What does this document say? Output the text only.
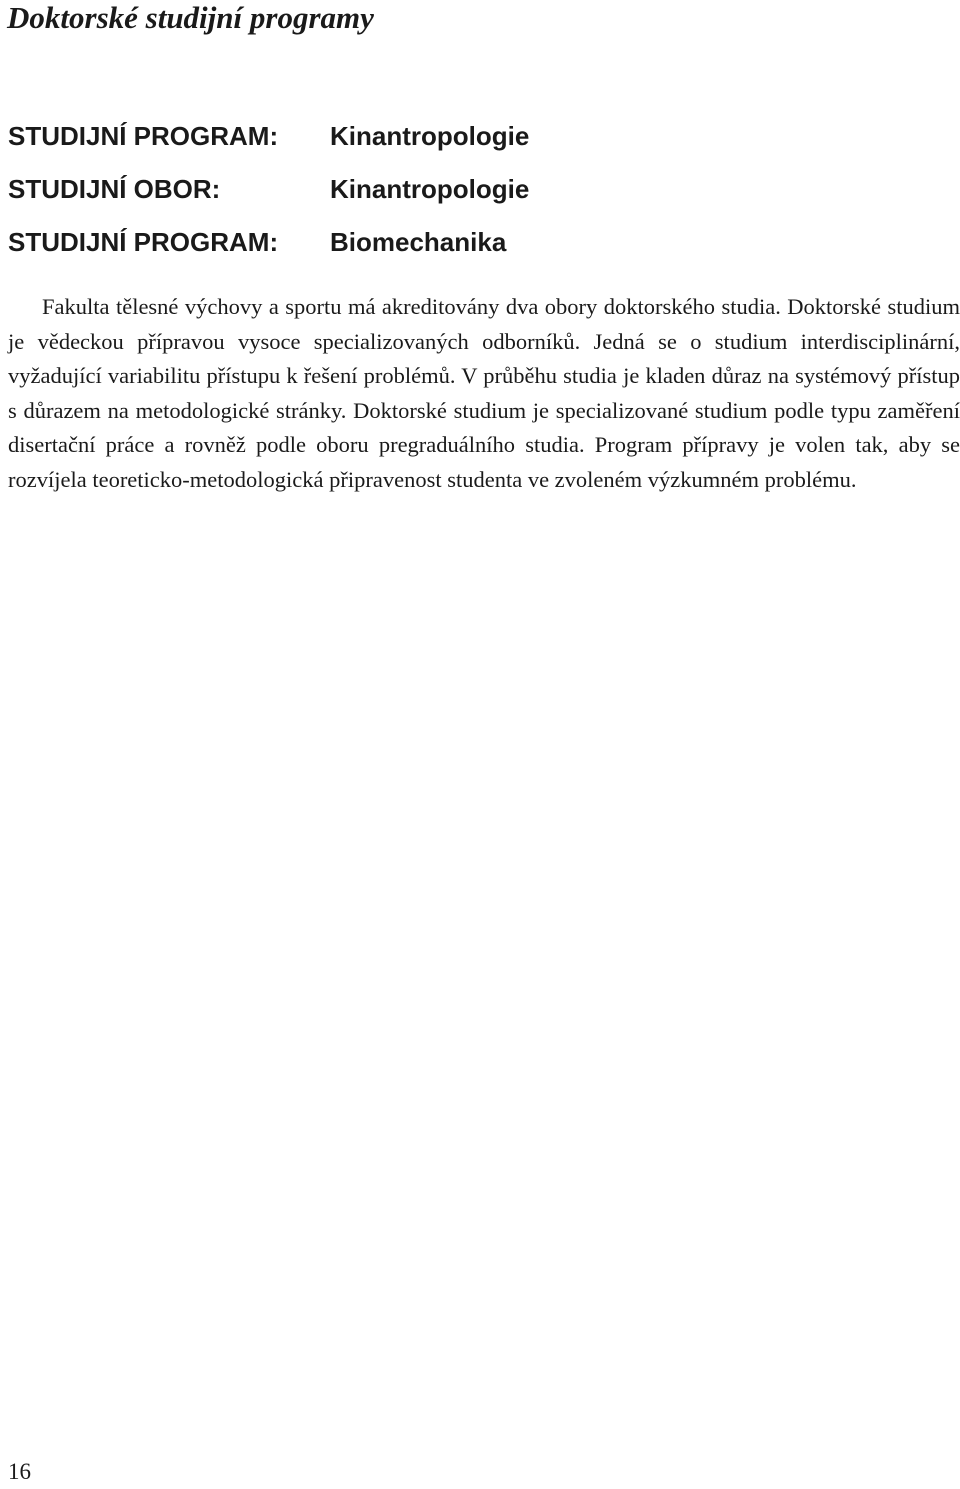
Doktorské studijní programy
STUDIJNÍ PROGRAM:	Kinantropologie
STUDIJNÍ OBOR:	Kinantropologie
STUDIJNÍ PROGRAM:	Biomechanika

Fakulta tělesné výchovy a sportu má akreditovány dva obory doktorského studia. Doktorské studium je vědeckou přípravou vysoce specializovaných odborníků. Jedná se o studium interdisciplinární, vyžadující variabilitu přístupu k řešení problémů. V průběhu studia je kladen důraz na systémový přístup s důrazem na metodologické stránky. Doktorské studium je specializované studium podle typu zaměření disertační práce a rovněž podle oboru pregraduálního studia. Program přípravy je volen tak, aby se rozvíjela teoreticko-metodologická připravenost studenta ve zvoleném výzkumném problému.

16
